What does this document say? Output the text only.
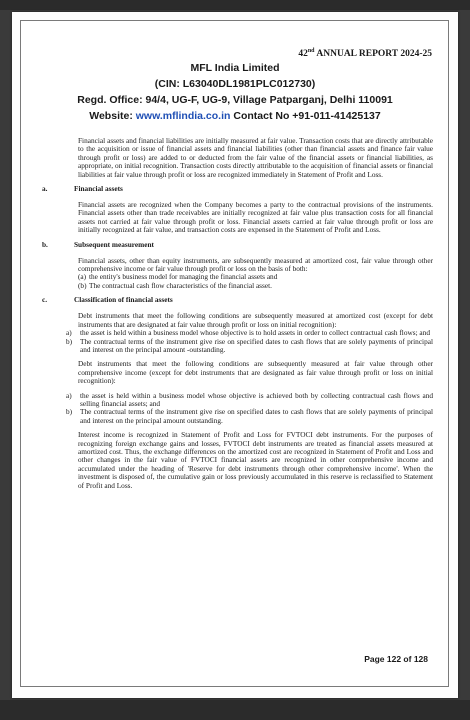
42nd ANNUAL REPORT 2024-25
MFL India Limited
(CIN: L63040DL1981PLC012730)
Regd. Office: 94/4, UG-F, UG-9, Village Patparganj, Delhi 110091
Website: www.mflindia.co.in Contact No +91-011-41425137

Financial assets and financial liabilities are initially measured at fair value. Transaction costs that are directly attributable to the acquisition or issue of financial assets and financial liabilities (other than financial assets and finance fair value through profit or loss) are added to or deducted from the fair value of the financial assets or financial liabilities, as appropriate, on initial recognition. Transaction costs directly attributable to the acquisition of financial assets or financial liabilities at fair value through profit or loss are recognized immediately in Statement of Profit and Loss.

a.	Financial assets

Financial assets are recognized when the Company becomes a party to the contractual provisions of the instruments. Financial assets other than trade receivables are initially recognized at fair value plus transaction costs for all financial assets not carried at fair value through profit or loss. Financial assets carried at fair value through profit or loss are initially recognized at fair value, and transaction costs are expensed in the Statement of Profit and Loss.

b.	Subsequent measurement

Financial assets, other than equity instruments, are subsequently measured at amortized cost, fair value through other comprehensive income or fair value through profit or loss on the basis of both:

(a) the entity's business model for managing the financial assets and
(b) The contractual cash flow characteristics of the financial asset.
c.	Classification of financial assets

Debt instruments that meet the following conditions are subsequently measured at amortized cost (except for debt instruments that are designated at fair value through profit or loss on initial recognition):

a) the asset is held within a business model whose objective is to hold assets in order to collect contractual cash flows; and
b) The contractual terms of the instrument give rise on specified dates to cash flows that are solely payments of principal and interest on the principal amount -outstanding.

Debt instruments that meet the following conditions are subsequently measured at fair value through other comprehensive income (except for debt instruments that are designated as fair value through profit or loss on initial recognition):

a) the asset is held within a business model whose objective is achieved both by collecting contractual cash flows and selling financial assets; and
b) The contractual terms of the instrument give rise on specified dates to cash flows that are solely payments of principal and interest on the principal amount outstanding.

Interest income is recognized in Statement of Profit and Loss for FVTOCI debt instruments. For the purposes of recognizing foreign exchange gains and losses, FVTOCI debt instruments are treated as financial assets measured at amortized cost. Thus, the exchange differences on the amortized cost are recognized in Statement of Profit and Loss and other changes in the fair value of FVTOCI financial assets are recognized in other comprehensive income and accumulated under the heading of 'Reserve for debt instruments through other comprehensive income'. When the investment is disposed of, the cumulative gain or loss previously accumulated in this reserve is reclassified to Statement of Profit and Loss.

Page 122 of 128
